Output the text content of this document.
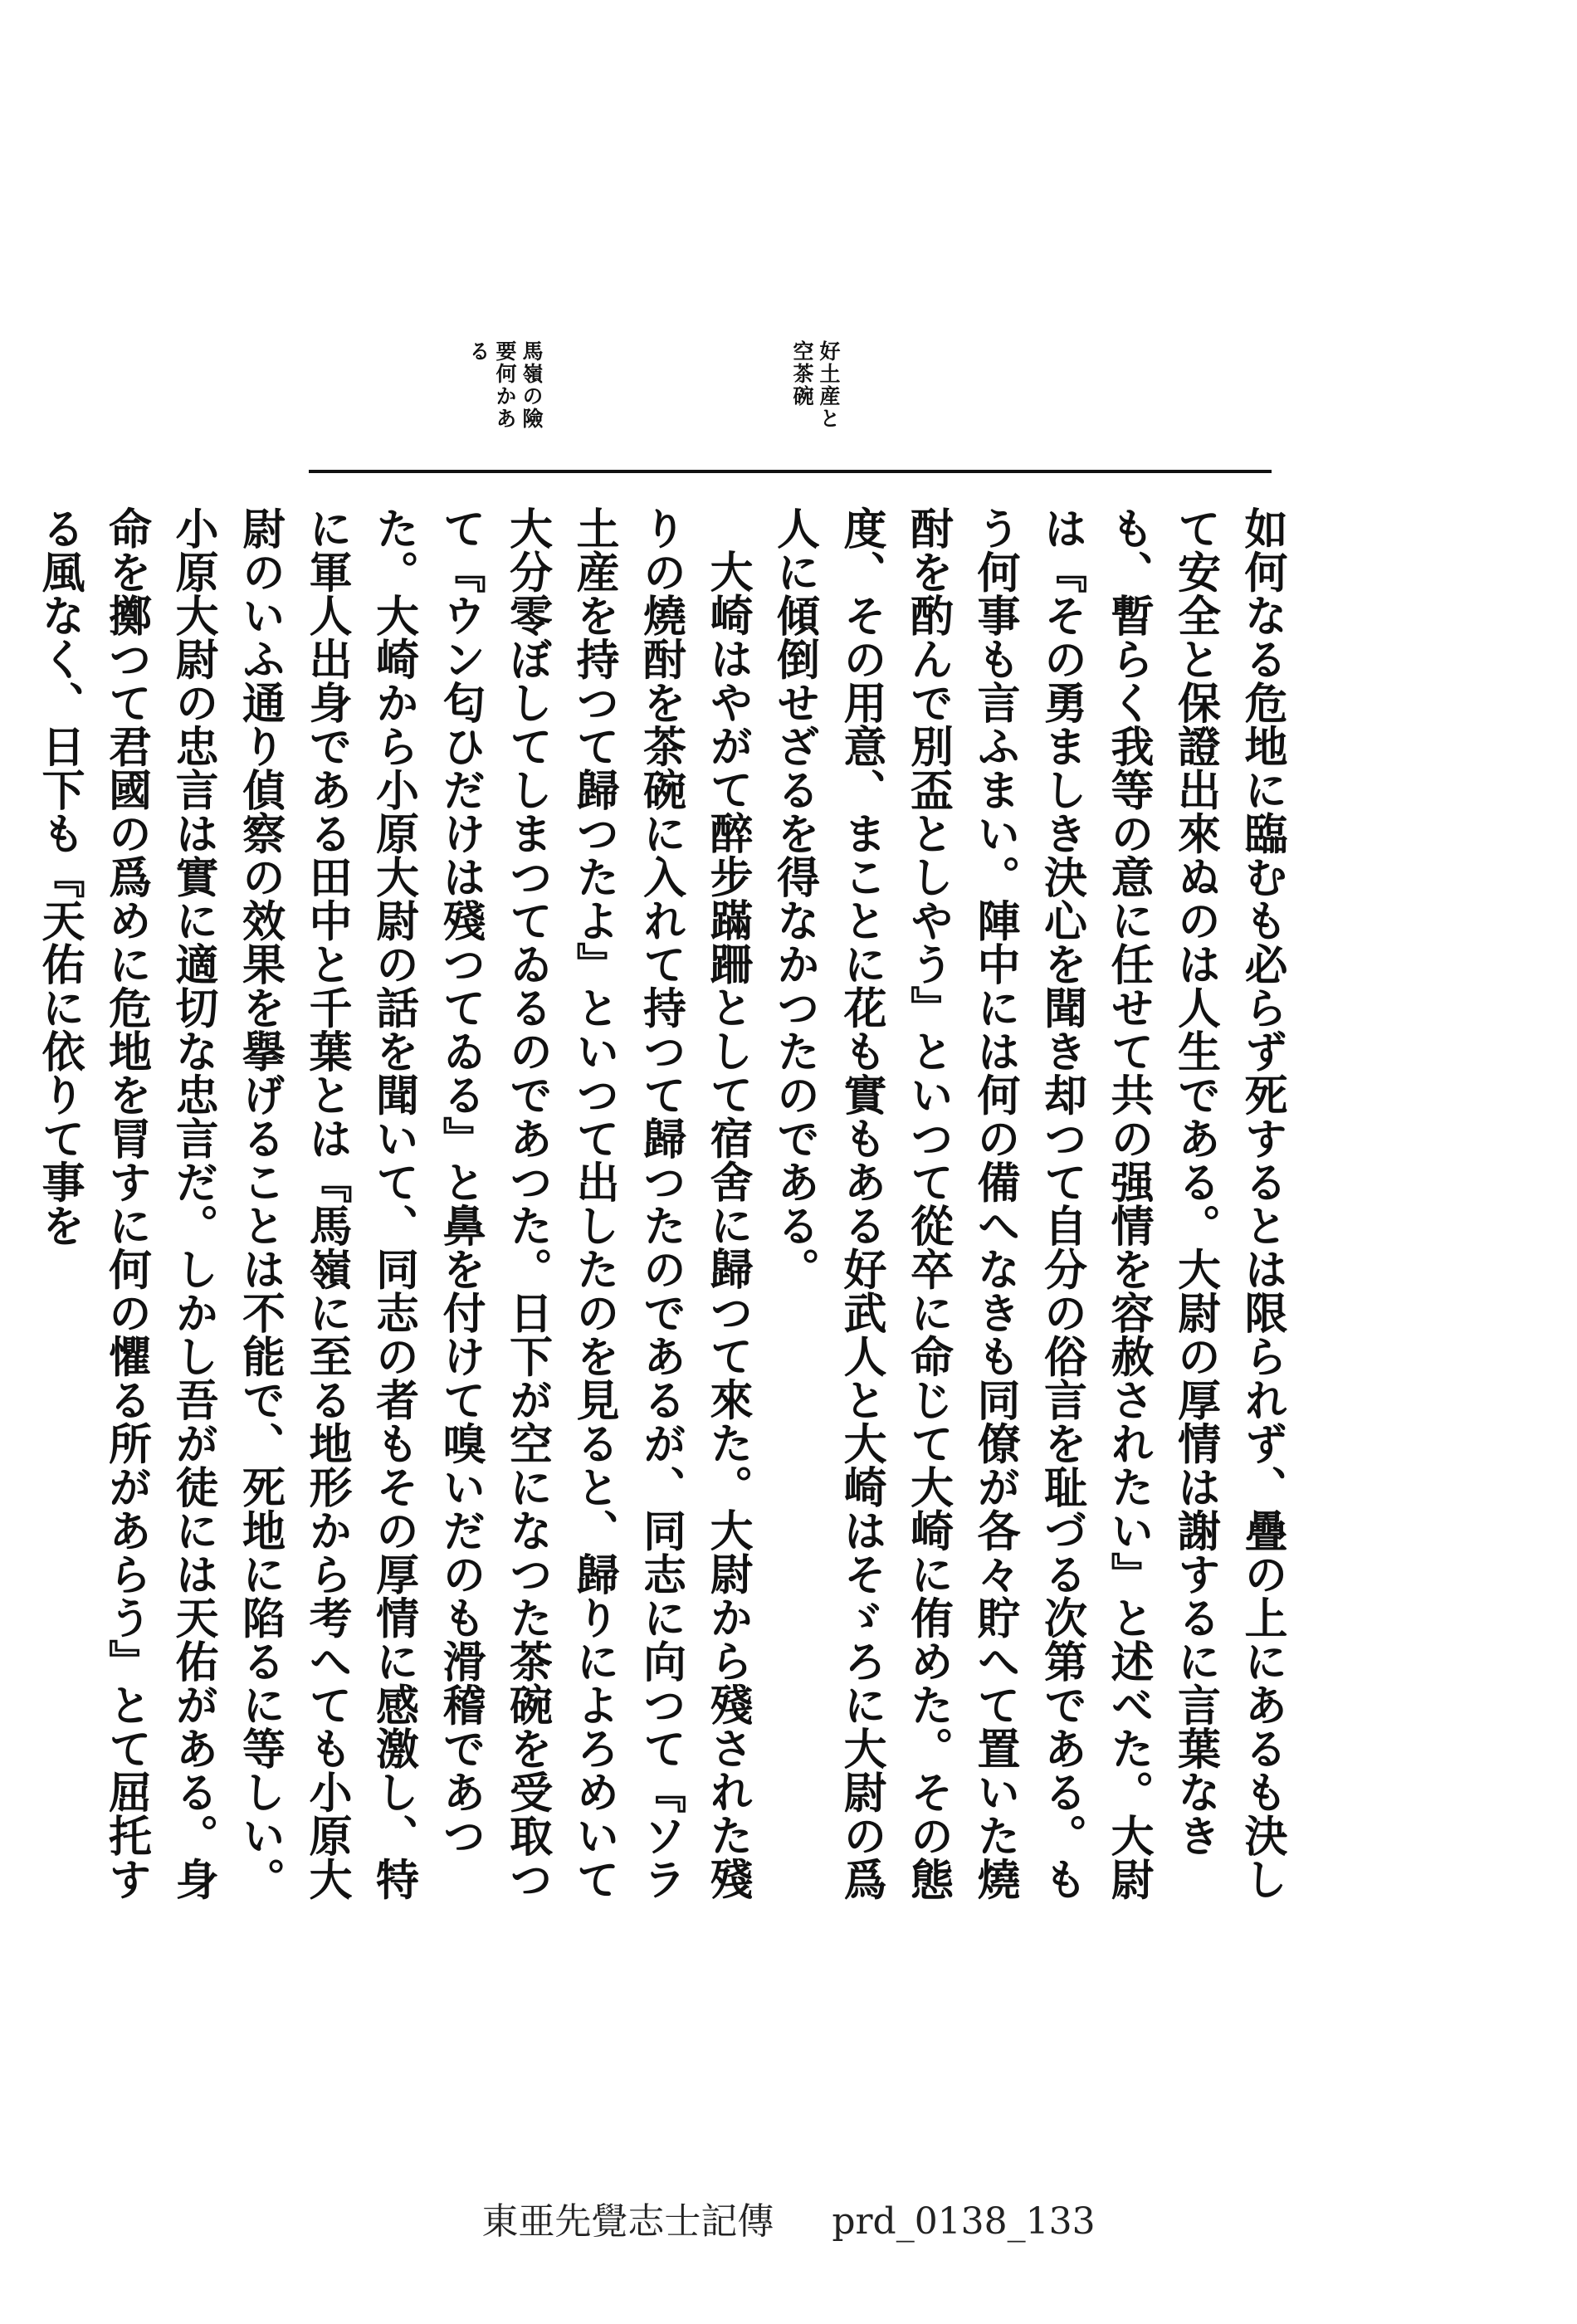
好土産と
空茶碗
馬嶺の險
要何かあ
る

如何なる危地に臨むも必らず死するとは限られず、疊の上にあるも決して安全と保證出來ぬのは人生である。大尉の厚情は謝するに言葉なきも、暫らく我等の意に任せて共の强情を容赦されたい』と述べた。大尉は『その勇ましき決心を聞き却つて自分の俗言を耻づる次第である。もう何事も言ふまい。陣中には何の備へなきも同僚が各々貯へて置いた燒酎を酌んで別盃としやう』といつて從卒に命じて大崎に侑めた。その態度、その用意、まことに花も實もある好武人と大崎はそゞろに大尉の爲人に傾倒せざるを得なかつたのである。

大崎はやがて醉步蹣跚として宿舍に歸つて來た。大尉から殘された殘りの燒酎を茶碗に入れて持つて歸つたのであるが、同志に向つて『ソラ土産を持つて歸つたよ』といつて出したのを見ると、歸りによろめいて大分零ぼしてしまつてゐるのであつた。日下が空になつた茶碗を受取つて『ウン匂ひだけは殘つてゐる』と鼻を付けて嗅いだのも滑稽であつた。大崎から小原大尉の話を聞いて、同志の者もその厚情に感激し、特に軍人出身である田中と千葉とは『馬嶺に至る地形から考へても小原大尉のいふ通り偵察の效果を擧げることは不能で、死地に陷るに等しい。小原大尉の忠言は實に適切な忠言だ。しかし吾が徒には天佑がある。身命を擲つて君國の爲めに危地を冐すに何の懼る所があらう』とて屈托する風なく、日下も『天佑に依りて事を

東亜先覺志士記傳 prd_0138_133
